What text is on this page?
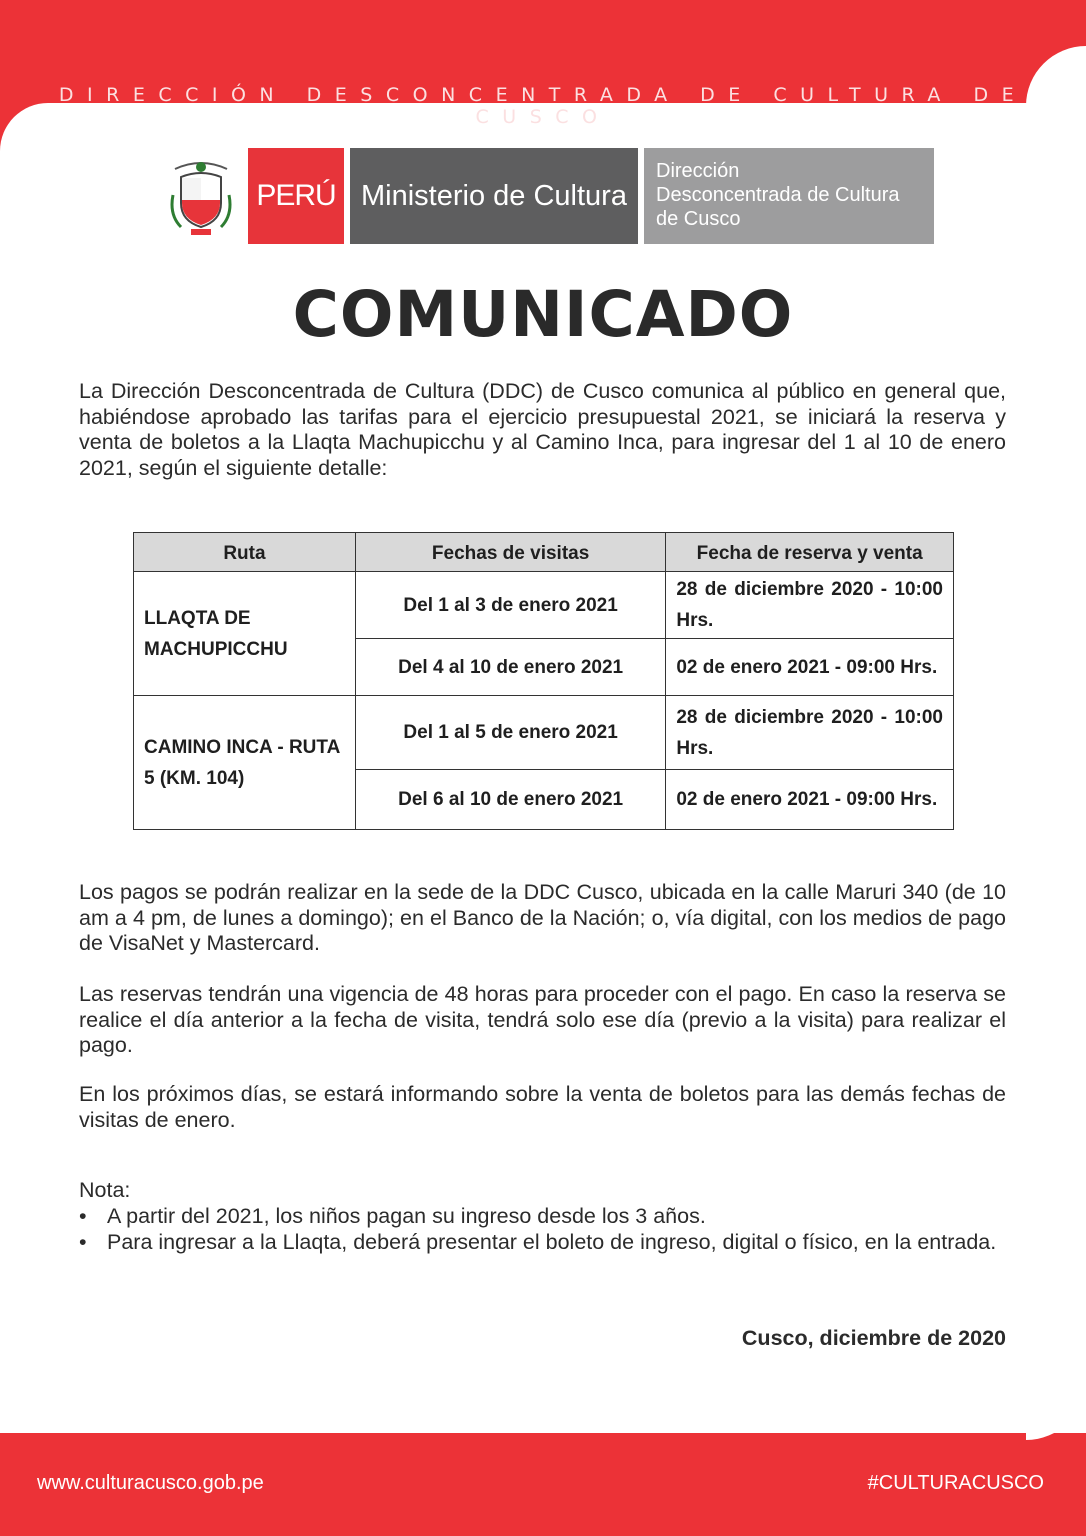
DIRECCIÓN DESCONCENTRADA DE CULTURA DE CUSCO
PERÚ Ministerio de Cultura
Dirección
Desconcentrada de Cultura
de Cusco
COMUNICADO
La Dirección Desconcentrada de Cultura (DDC) de Cusco comunica al público en general que, habiéndose aprobado las tarifas para el ejercicio presupuestal 2021, se iniciará la reserva y venta de boletos a la Llaqta Machupicchu y al Camino Inca, para ingresar del 1 al 10 de enero 2021, según el siguiente detalle:
Ruta	Fechas de visitas	Fecha de reserva y venta
LLAQTA DE MACHUPICCHU	Del 1 al 3 de enero 2021	28 de diciembre 2020 - 10:00 Hrs.
	Del 4 al 10 de enero 2021	02 de enero 2021 - 09:00 Hrs.
CAMINO INCA - RUTA 5 (KM. 104)	Del 1 al 5 de enero 2021	28 de diciembre 2020 - 10:00 Hrs.
	Del 6 al 10 de enero 2021	02 de enero 2021 - 09:00 Hrs.
Los pagos se podrán realizar en la sede de la DDC Cusco, ubicada en la calle Maruri 340 (de 10 am a 4 pm, de lunes a domingo); en el Banco de la Nación; o, vía digital, con los medios de pago de VisaNet y Mastercard.
Las reservas tendrán una vigencia de 48 horas para proceder con el pago. En caso la reserva se realice el día anterior a la fecha de visita, tendrá solo ese día (previo a la visita) para realizar el pago.
En los próximos días, se estará informando sobre la venta de boletos para las demás fechas de visitas de enero.
Nota:
• A partir del 2021, los niños pagan su ingreso desde los 3 años.
• Para ingresar a la Llaqta, deberá presentar el boleto de ingreso, digital o físico, en la entrada.
Cusco, diciembre de 2020
www.culturacusco.gob.pe	#CULTURACUSCO
